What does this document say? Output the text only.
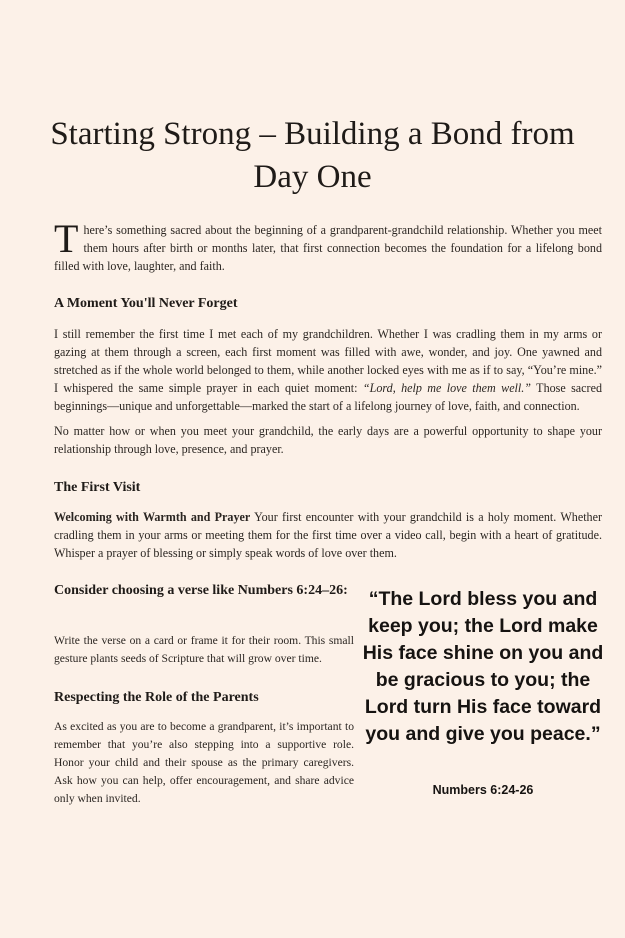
Starting Strong – Building a Bond from Day One

There’s something sacred about the beginning of a grandparent-grandchild relationship. Whether you meet them hours after birth or months later, that first connection becomes the foundation for a lifelong bond filled with love, laughter, and faith.

A Moment You'll Never Forget

I still remember the first time I met each of my grandchildren. Whether I was cradling them in my arms or gazing at them through a screen, each first moment was filled with awe, wonder, and joy. One yawned and stretched as if the whole world belonged to them, while another locked eyes with me as if to say, “You’re mine.” I whispered the same simple prayer in each quiet moment: “Lord, help me love them well.” Those sacred beginnings—unique and unforgettable—marked the start of a lifelong journey of love, faith, and connection.

No matter how or when you meet your grandchild, the early days are a powerful opportunity to shape your relationship through love, presence, and prayer.

The First Visit

Welcoming with Warmth and Prayer Your first encounter with your grandchild is a holy moment. Whether cradling them in your arms or meeting them for the first time over a video call, begin with a heart of gratitude. Whisper a prayer of blessing or simply speak words of love over them.

Consider choosing a verse like Numbers 6:24–26:

Write the verse on a card or frame it for their room. This small gesture plants seeds of Scripture that will grow over time.

Respecting the Role of the Parents

As excited as you are to become a grandparent, it’s important to remember that you’re also stepping into a supportive role. Honor your child and their spouse as the primary caregivers. Ask how you can help, offer encouragement, and share advice only when invited.

“The Lord bless you and keep you; the Lord make His face shine on you and be gracious to you; the Lord turn His face toward you and give you peace.”

Numbers 6:24-26
